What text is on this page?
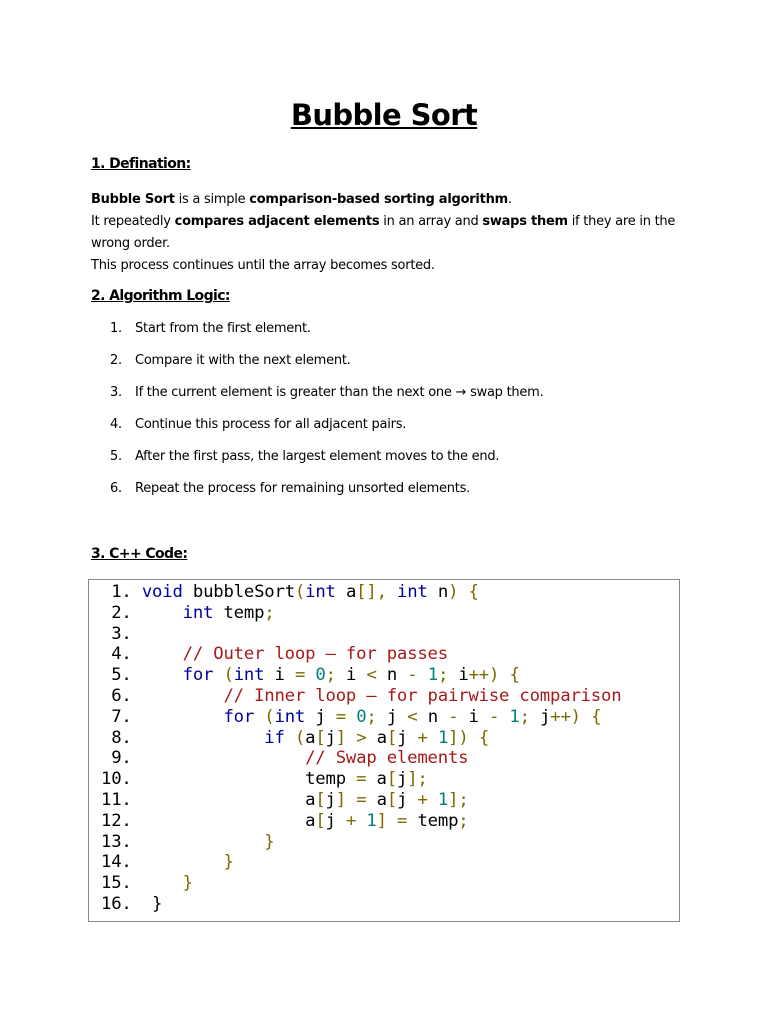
Bubble Sort
1. Defination:
Bubble Sort is a simple comparison-based sorting algorithm.
It repeatedly compares adjacent elements in an array and swaps them if they are in the wrong order.
This process continues until the array becomes sorted.
2. Algorithm Logic:
1. Start from the first element.
2. Compare it with the next element.
3. If the current element is greater than the next one → swap them.
4. Continue this process for all adjacent pairs.
5. After the first pass, the largest element moves to the end.
6. Repeat the process for remaining unsorted elements.
3. C++ Code:
1. void bubbleSort(int a[], int n) {
2.     int temp;
3.
4.     // Outer loop — for passes
5.     for (int i = 0; i < n - 1; i++) {
6.         // Inner loop — for pairwise comparison
7.         for (int j = 0; j < n - i - 1; j++) {
8.             if (a[j] > a[j + 1]) {
9.                 // Swap elements
10.                 temp = a[j];
11.                 a[j] = a[j + 1];
12.                 a[j + 1] = temp;
13.             }
14.         }
15.     }
16.  }
